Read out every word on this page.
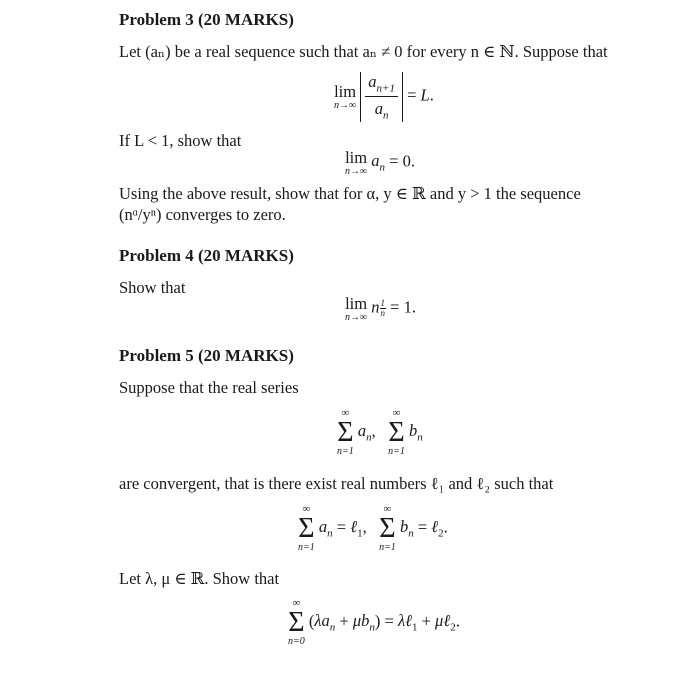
Problem 3 (20 MARKS)
Let (aₙ) be a real sequence such that aₙ ≠ 0 for every n ∈ ℕ. Suppose that
lim
n→∞
$\frac{a_{n+1}}{a_n} = L$.
If L < 1, show that
lim
n→∞
$a_n = 0$.
Using the above result, show that for α, y ∈ ℝ and y > 1 the sequence
(nᵅ/yⁿ) converges to zero.
Problem 4 (20 MARKS)
Show that
lim
n→∞
n $\frac{1}{n} = 1$.
Problem 5 (20 MARKS)
Suppose that the real series
∞
Σ
n=1
$a_n$,
∞
Σ
n=1
$b_n$
are convergent, that is there exist real numbers ℓ₁ and ℓ₂ such that
∞
Σ
n=1
$a_n$ = ℓ$_1$,
∞
Σ
n=1
$b_n$ = ℓ$_2$.
Let λ, μ ∈ ℝ. Show that
∞
Σ
n=0
$(\lambda a_n + \mu b_n)$ = λℓ$_1$ + μℓ$_2$.
